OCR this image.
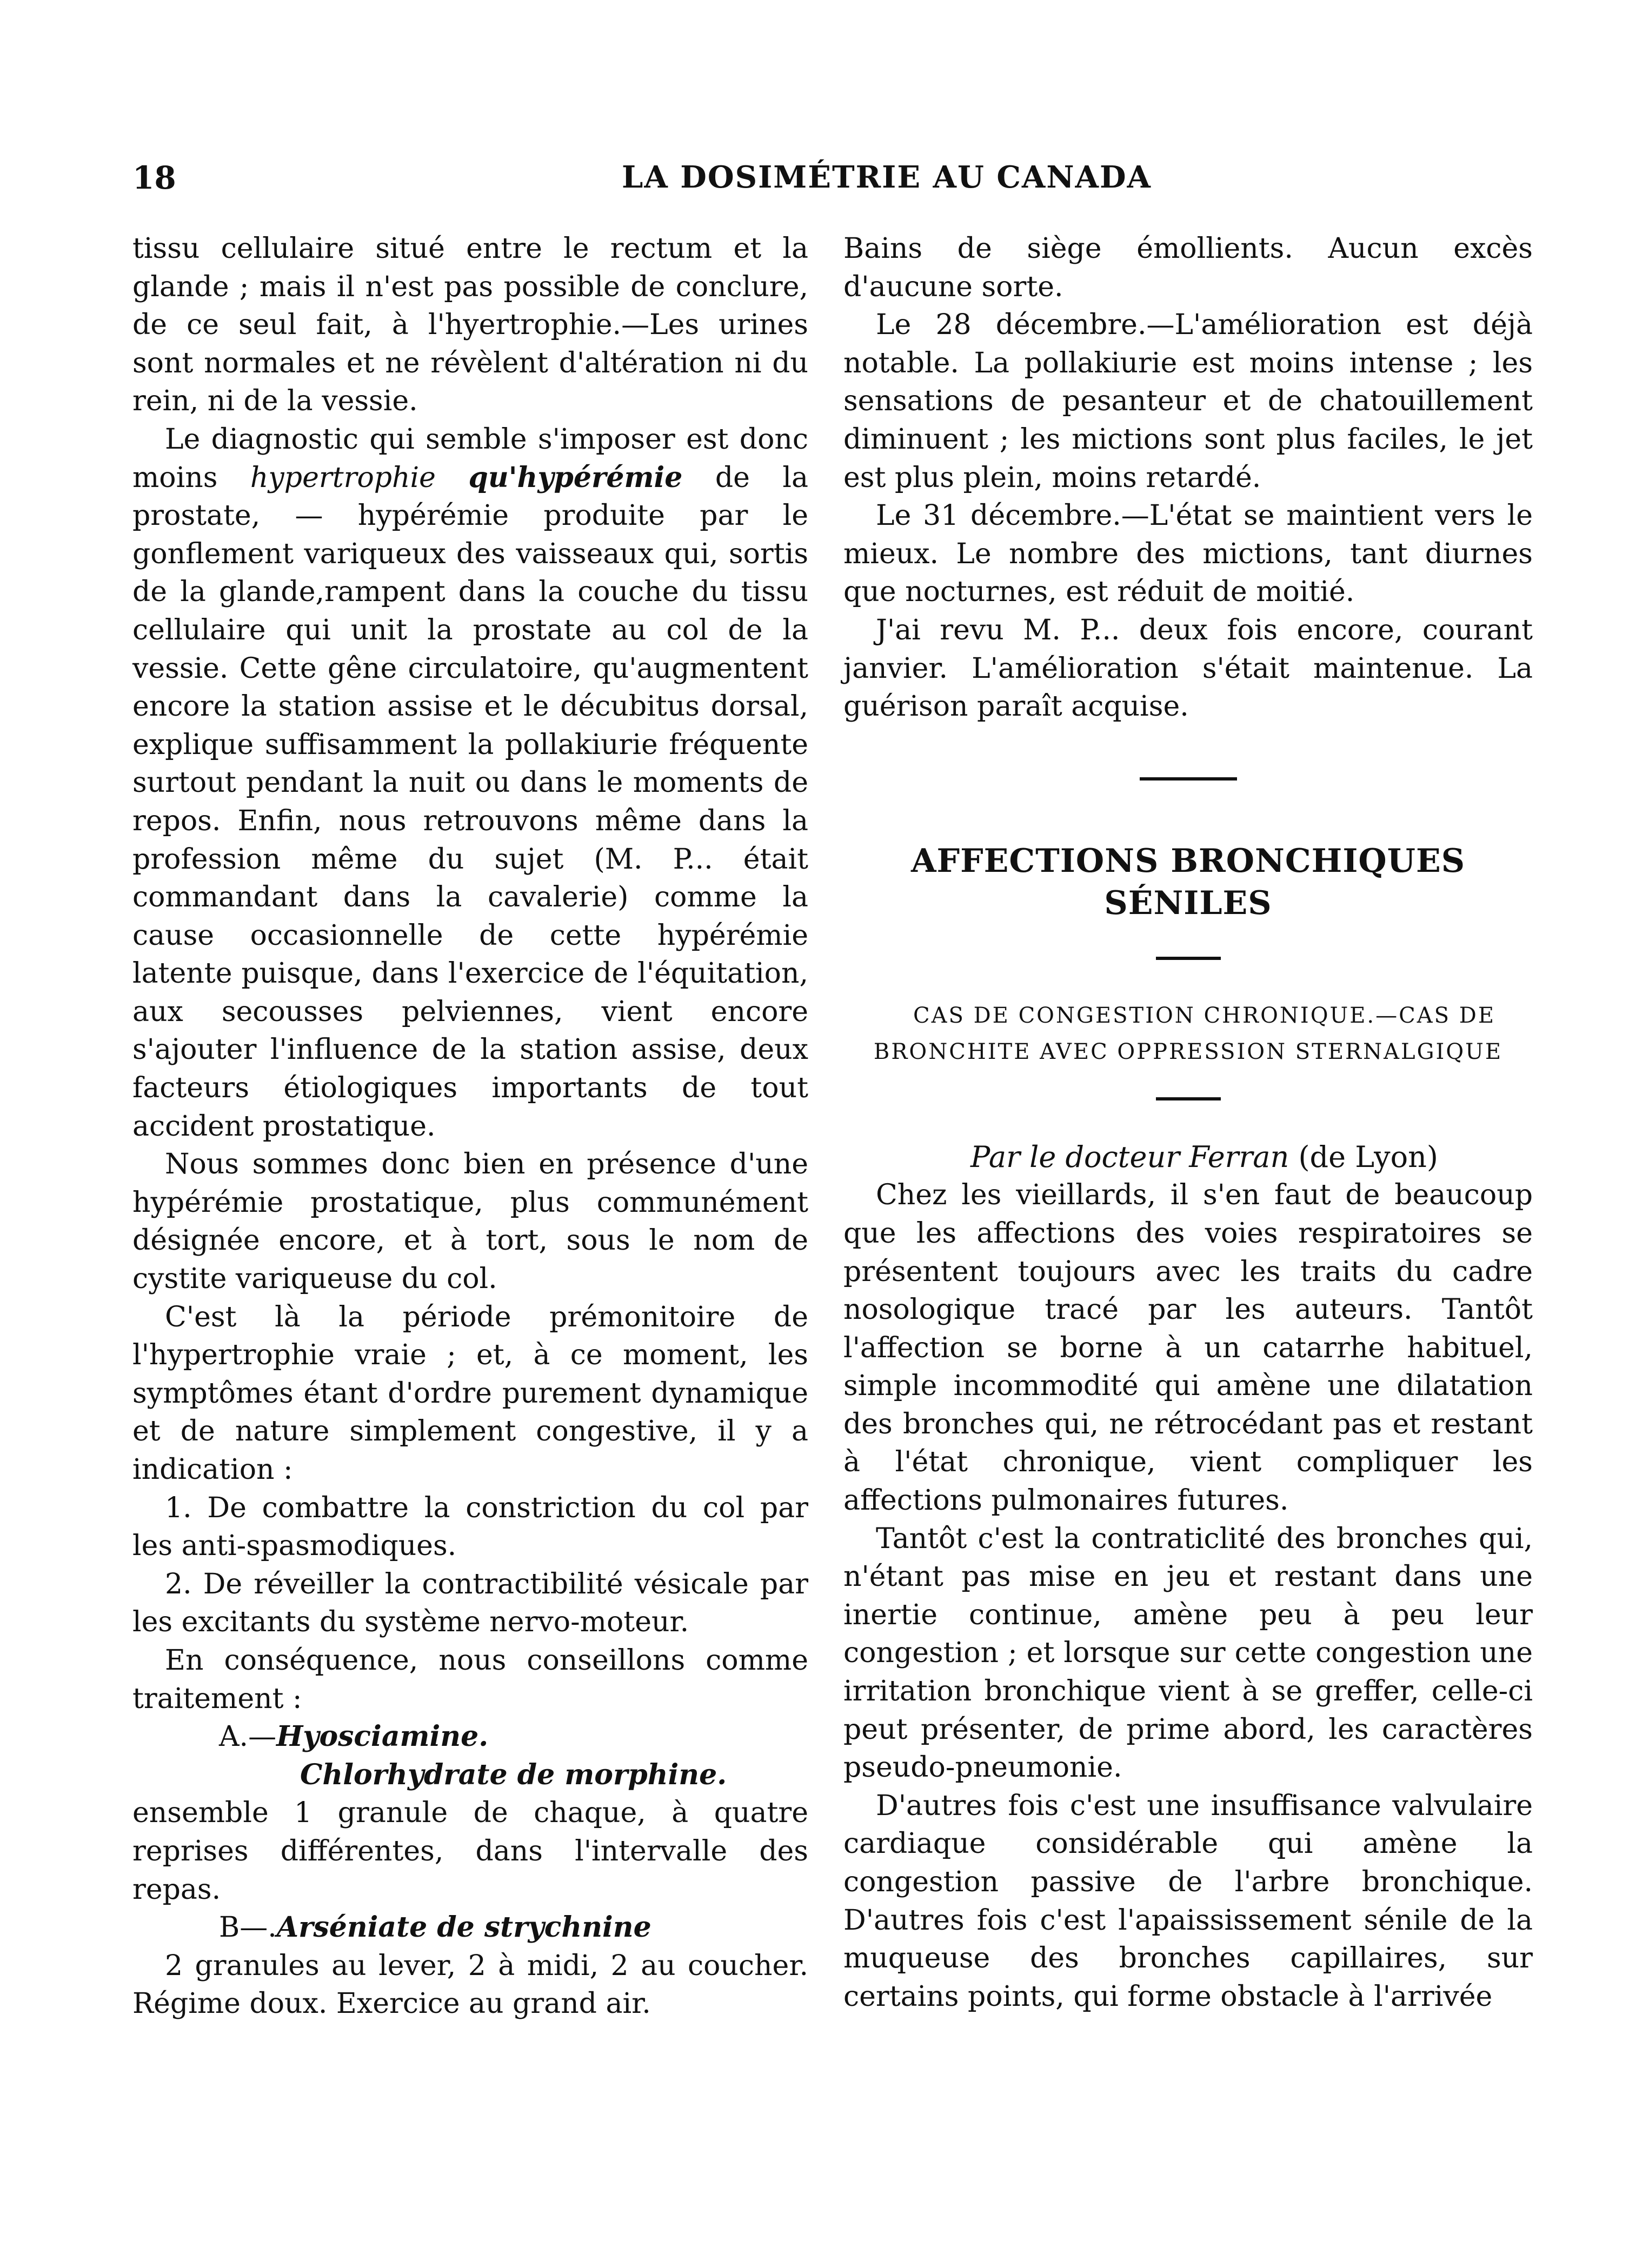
18	LA DOSIMÉTRIE AU CANADA

tissu cellulaire situé entre le rectum et la glande ; mais il n'est pas possible de conclure, de ce seul fait, à l'hyertrophie.—Les urines sont normales et ne révèlent d'altération ni du rein, ni de la vessie.

Le diagnostic qui semble s'imposer est donc moins hypertrophie qu'hypérémie de la prostate, — hypérémie produite par le gonflement variqueux des vaisseaux qui, sortis de la glande,rampent dans la couche du tissu cellulaire qui unit la prostate au col de la vessie. Cette gêne circulatoire, qu'augmentent encore la station assise et le décubitus dorsal, explique suffisamment la pollakiurie fréquente surtout pendant la nuit ou dans le moments de repos. Enfin, nous retrouvons même dans la profession même du sujet (M. P... était commandant dans la cavalerie) comme la cause occasionnelle de cette hypérémie latente puisque, dans l'exercice de l'équitation, aux secousses pelviennes, vient encore s'ajouter l'influence de la station assise, deux facteurs étiologiques importants de tout accident prostatique.

Nous sommes donc bien en présence d'une hypérémie prostatique, plus communément désignée encore, et à tort, sous le nom de cystite variqueuse du col.

C'est là la période prémonitoire de l'hypertrophie vraie ; et, à ce moment, les symptômes étant d'ordre purement dynamique et de nature simplement congestive, il y a indication :

1. De combattre la constriction du col par les anti-spasmodiques.

2. De réveiller la contractibilité vésicale par les excitants du système nervo-moteur.

En conséquence, nous conseillons comme traitement :

A.—Hyosciamine.
Chlorhydrate de morphine.

ensemble 1 granule de chaque, à quatre reprises différentes, dans l'intervalle des repas.

B—.Arséniate de strychnine

2 granules au lever, 2 à midi, 2 au coucher. Régime doux. Exercice au grand air.

Bains de siège émollients. Aucun excès d'aucune sorte.

Le 28 décembre.—L'amélioration est déjà notable. La pollakiurie est moins intense ; les sensations de pesanteur et de chatouillement diminuent ; les mictions sont plus faciles, le jet est plus plein, moins retardé.

Le 31 décembre.—L'état se maintient vers le mieux. Le nombre des mictions, tant diurnes que nocturnes, est réduit de moitié.

J'ai revu M. P... deux fois encore, courant janvier. L'amélioration s'était maintenue. La guérison paraît acquise.

AFFECTIONS BRONCHIQUES SÉNILES

CAS DE CONGESTION CHRONIQUE.—CAS DE BRONCHITE AVEC OPPRESSION STERNALGIQUE

Par le docteur Ferran (de Lyon)

Chez les vieillards, il s'en faut de beaucoup que les affections des voies respiratoires se présentent toujours avec les traits du cadre nosologique tracé par les auteurs. Tantôt l'affection se borne à un catarrhe habituel, simple incommodité qui amène une dilatation des bronches qui, ne rétrocédant pas et restant à l'état chronique, vient compliquer les affections pulmonaires futures.

Tantôt c'est la contraticlité des bronches qui, n'étant pas mise en jeu et restant dans une inertie continue, amène peu à peu leur congestion ; et lorsque sur cette congestion une irritation bronchique vient à se greffer, celle-ci peut présenter, de prime abord, les caractères pseudo-pneumonie.

D'autres fois c'est une insuffisance valvulaire cardiaque considérable qui amène la congestion passive de l'arbre bronchique. D'autres fois c'est l'apaississement sénile de la muqueuse des bronches capillaires, sur certains points, qui forme obstacle à l'arrivée
